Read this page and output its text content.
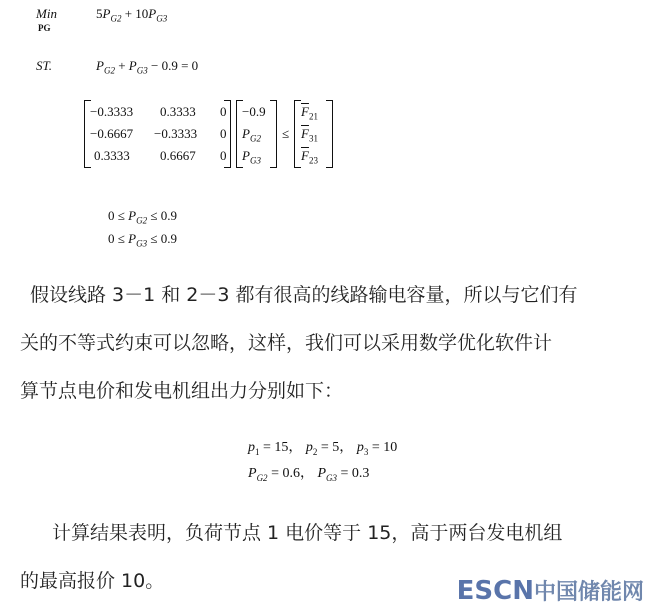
Min
PG
$5P_{G2} + 10P_{G3}$
ST.	$P_{G2} + P_{G3} - 0.9 = 0$
−0.3333 0.3333 0
−0.6667 −0.3333 0
0.3333 0.6667 0
−0.9
$P_{G2}$
$P_{G3}$
≤
$\overline{F}_{21}$
$\overline{F}_{31}$
$\overline{F}_{23}$
$0 \le P_{G2} \le 0.9$
$0 \le P_{G3} \le 0.9$
假设线路 3－1 和 2－3 都有很高的线路输电容量，所以与它们有
关的不等式约束可以忽略，这样，我们可以采用数学优化软件计
算节点电价和发电机组出力分别如下：
$p_1 = 15$， $p_2 = 5$， $p_3 = 10$
$P_{G2} = 0.6$， $P_{G3} = 0.3$
计算结果表明，负荷节点 1 电价等于 15，高于两台发电机组
的最高报价 10。	ESCN中国储能网
